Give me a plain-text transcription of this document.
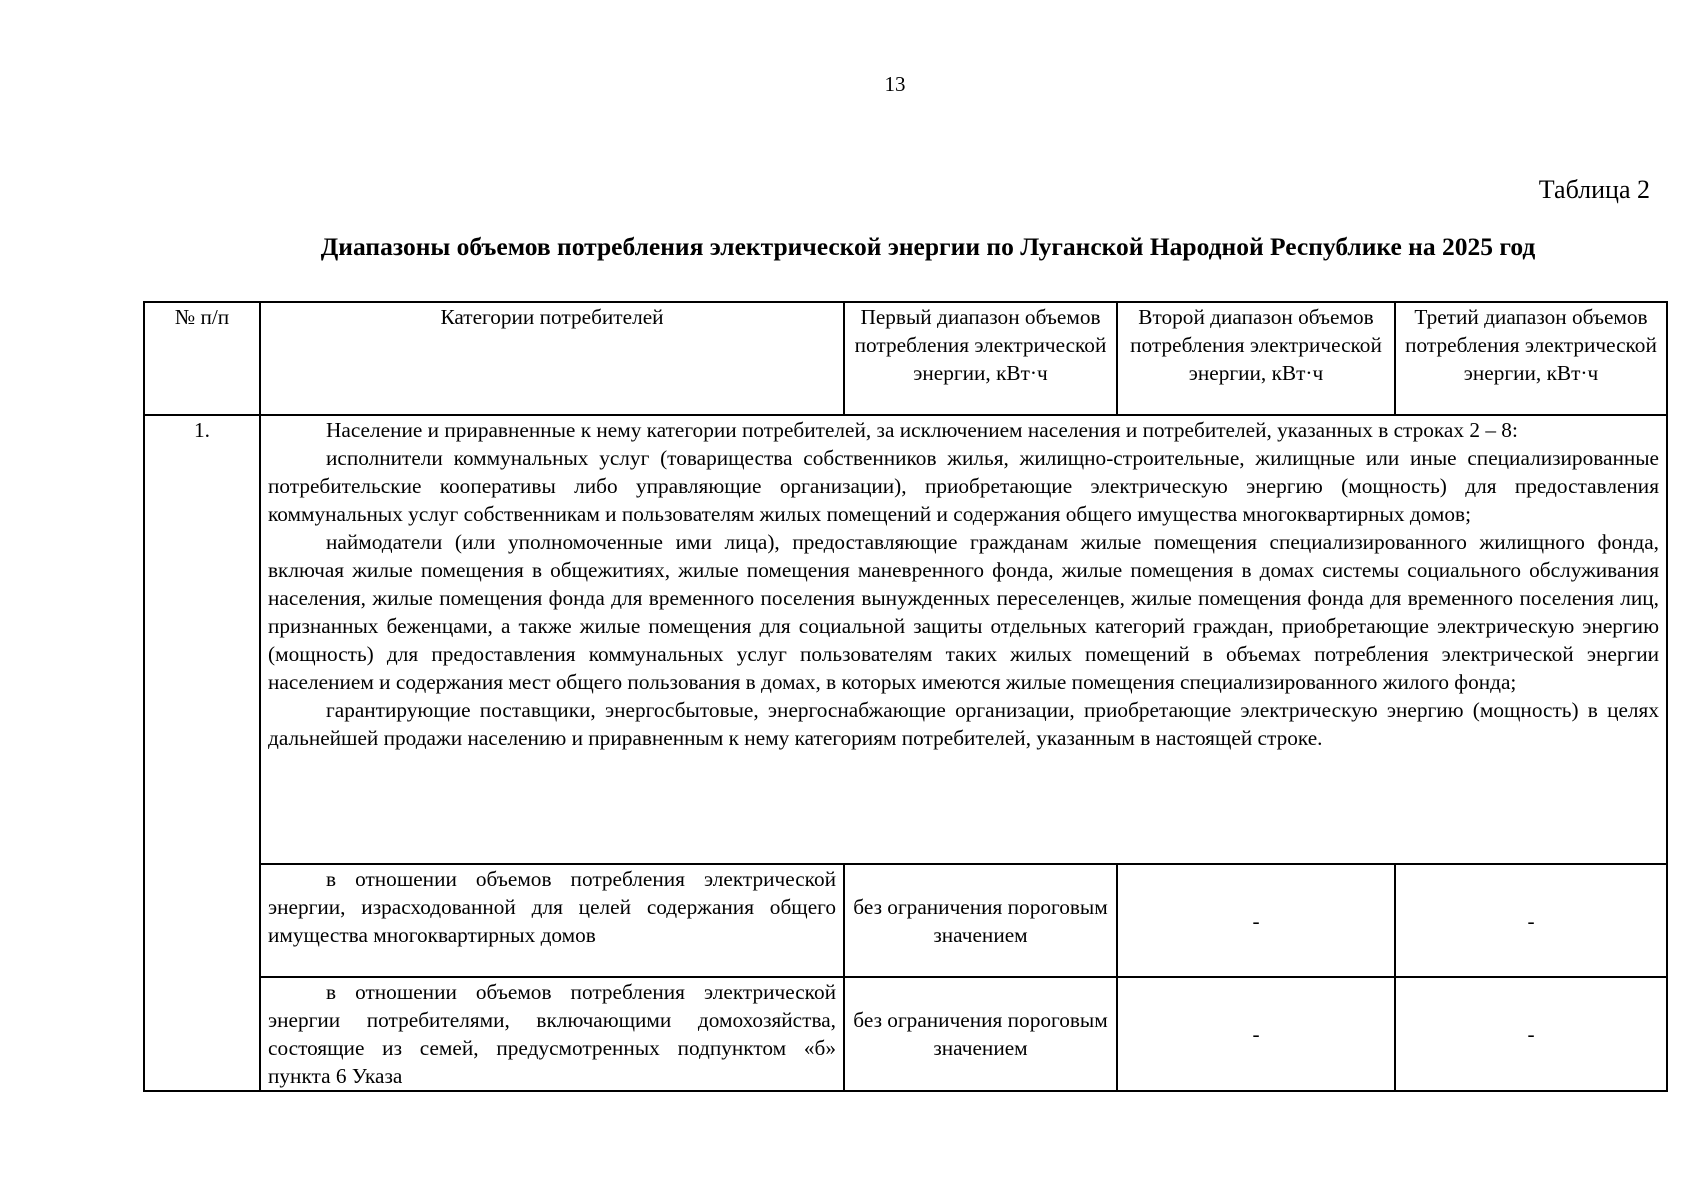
13
Таблица 2
Диапазоны объемов потребления электрической энергии по Луганской Народной Республике на 2025 год
№ п/п	Категории потребителей	Первый диапазон объемов потребления электрической энергии, кВт·ч	Второй диапазон объемов потребления электрической энергии, кВт·ч	Третий диапазон объемов потребления электрической энергии, кВт·ч
1.	Население и приравненные к нему категории потребителей, за исключением населения и потребителей, указанных в строках 2 – 8:

исполнители коммунальных услуг (товарищества собственников жилья, жилищно-строительные, жилищные или иные специализированные потребительские кооперативы либо управляющие организации), приобретающие электрическую энергию (мощность) для предоставления коммунальных услуг собственникам и пользователям жилых помещений и содержания общего имущества многоквартирных домов;

наймодатели (или уполномоченные ими лица), предоставляющие гражданам жилые помещения специализированного жилищного фонда, включая жилые помещения в общежитиях, жилые помещения маневренного фонда, жилые помещения в домах системы социального обслуживания населения, жилые помещения фонда для временного поселения вынужденных переселенцев, жилые помещения фонда для временного поселения лиц, признанных беженцами, а также жилые помещения для социальной защиты отдельных категорий граждан, приобретающие электрическую энергию (мощность) для предоставления коммунальных услуг пользователям таких жилых помещений в объемах потребления электрической энергии населением и содержания мест общего пользования в домах, в которых имеются жилые помещения специализированного жилого фонда;

гарантирующие поставщики, энергосбытовые, энергоснабжающие организации, приобретающие электрическую энергию (мощность) в целях дальнейшей продажи населению и приравненным к нему категориям потребителей, указанным в настоящей строке.			

	в отношении объемов потребления электрической энергии, израсходованной для целей содержания общего имущества многоквартирных домов	без ограничения пороговым значением	-	-

	в отношении объемов потребления электрической энергии потребителями, включающими домохозяйства, состоящие из семей, предусмотренных подпунктом «б» пункта 6 Указа	без ограничения пороговым значением	-	-
